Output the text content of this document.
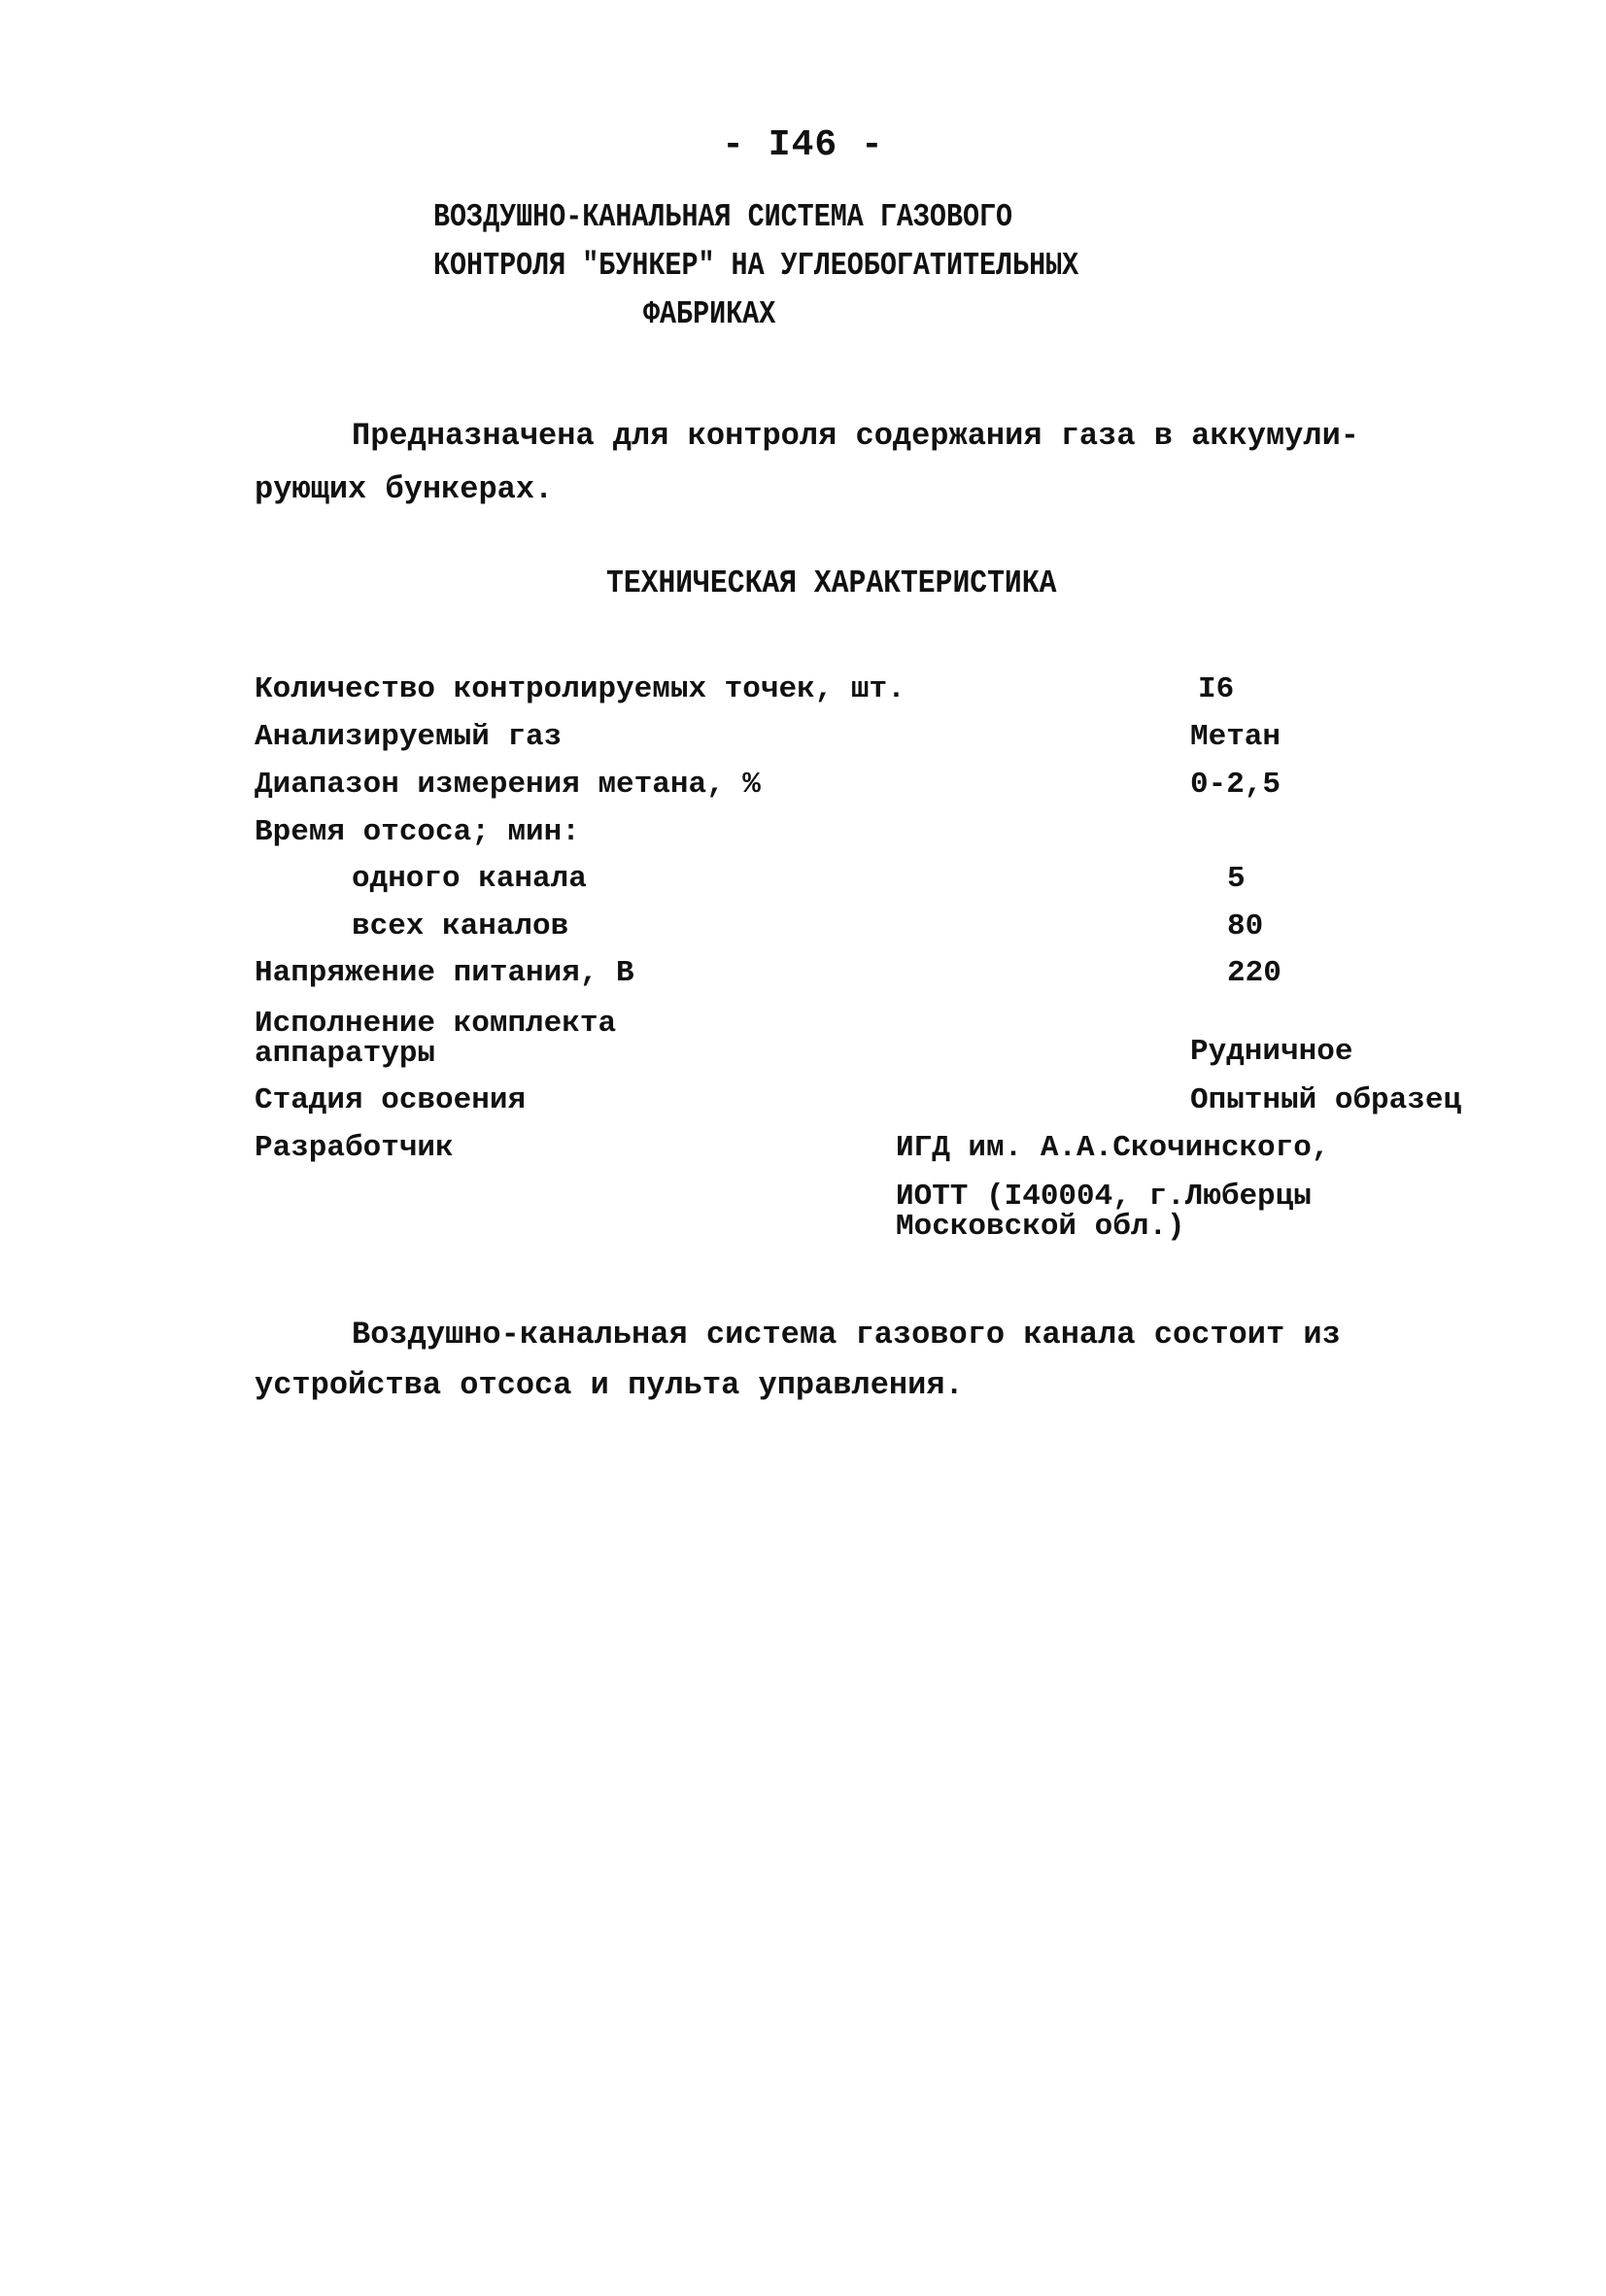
- I46 -
ВОЗДУШНО-КАНАЛЬНАЯ СИСТЕМА ГАЗОВОГО
КОНТРОЛЯ "БУНКЕР" НА УГЛЕОБОГАТИТЕЛЬНЫХ
ФАБРИКАХ
Предназначена для контроля содержания газа в аккумули-
рующих бункерах.
ТЕХНИЧЕСКАЯ ХАРАКТЕРИСТИКА
Количество контролируемых точек, шт.	I6
Анализируемый газ	Метан
Диапазон измерения метана, %	0-2,5
Время отсоса; мин:
одного канала	5
всех каналов	80
Напряжение питания, В	220
Исполнение комплекта
аппаратуры	Рудничное
Стадия освоения	Опытный образец
Разработчик	ИГД им. А.А.Скочинского,
ИОТТ (I40004, г.Люберцы
Московской обл.)
Воздушно-канальная система газового канала состоит из
устройства отсоса и пульта управления.
